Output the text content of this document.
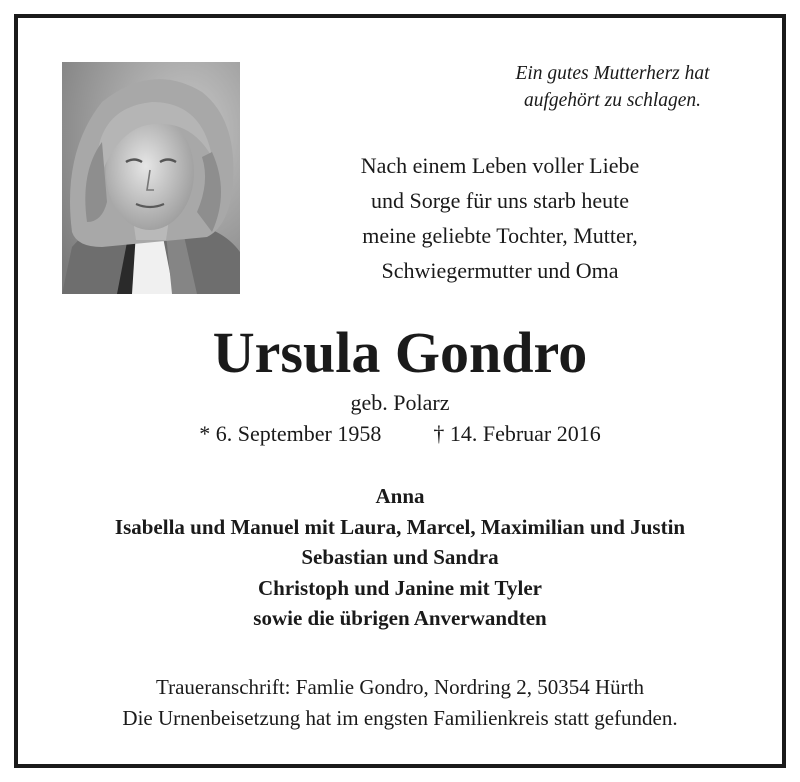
Ein gutes Mutterherz hat
aufgehört zu schlagen.
Nach einem Leben voller Liebe
und Sorge für uns starb heute
meine geliebte Tochter, Mutter,
Schwiegermutter und Oma
Ursula Gondro
geb. Polarz
* 6. September 1958 † 14. Februar 2016
Anna
Isabella und Manuel mit Laura, Marcel, Maximilian und Justin
Sebastian und Sandra
Christoph und Janine mit Tyler
sowie die übrigen Anverwandten
Traueranschrift: Famlie Gondro, Nordring 2, 50354 Hürth
Die Urnenbeisetzung hat im engsten Familienkreis statt gefunden.
